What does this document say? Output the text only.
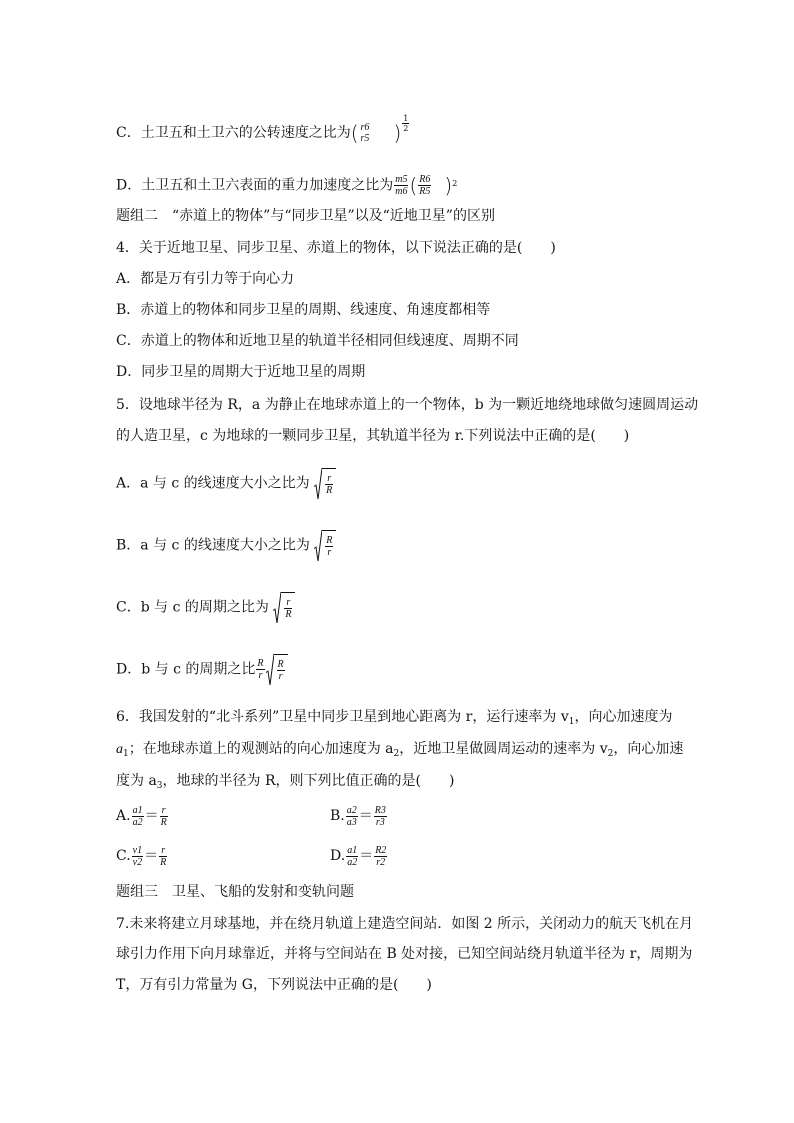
C．土卫五和土卫六的公转速度之比为( r6
r5 ) $\frac{1}{2}$
D．土卫五和土卫六表面的重力加速度之比为 $\frac{m5}{m6}$ ( $\frac{R6}{R5} )^2$
题组二　“赤道上的物体”与“同步卫星”以及“近地卫星”的区别
4．关于近地卫星、同步卫星、赤道上的物体，以下说法正确的是(　　)
A．都是万有引力等于向心力
B．赤道上的物体和同步卫星的周期、线速度、角速度都相等
C．赤道上的物体和近地卫星的轨道半径相同但线速度、周期不同
D．同步卫星的周期大于近地卫星的周期
5．设地球半径为 R，a 为静止在地球赤道上的一个物体，b 为一颗近地绕地球做匀速圆周运动
的人造卫星，c 为地球的一颗同步卫星，其轨道半径为 r.下列说法中正确的是(　　)
A．a 与 c 的线速度大小之比为 $\frac{r}{R}$
B．a 与 c 的线速度大小之比为 $\frac{R}{r}$
C．b 与 c 的周期之比为 $\frac{r}{R}$
D．b 与 c 的周期之比 $\frac{R}{r} \frac{R}{r}$
6．我国发射的“北斗系列”卫星中同步卫星到地心距离为 r，运行速率为 $v_1$，向心加速度为
$a_1$；在地球赤道上的观测站的向心加速度为 $a_2$，近地卫星做圆周运动的速率为 $v_2$，向心加速
度为 $a_3$，地球的半径为 R，则下列比值正确的是(　　)
A. $\frac{a1}{a2} = \frac{r}{R}$	B. $\frac{a2}{a3} = \frac{R3}{r3}$
C. $\frac{v1}{v2} = \frac{r}{R}$	D. $\frac{a1}{a2} = \frac{R2}{r2}$
题组三　卫星、飞船的发射和变轨问题
7.未来将建立月球基地，并在绕月轨道上建造空间站．如图 2 所示，关闭动力的航天飞机在月
球引力作用下向月球靠近，并将与空间站在 B 处对接，已知空间站绕月轨道半径为 r，周期为
T，万有引力常量为 G，下列说法中正确的是(　　)
